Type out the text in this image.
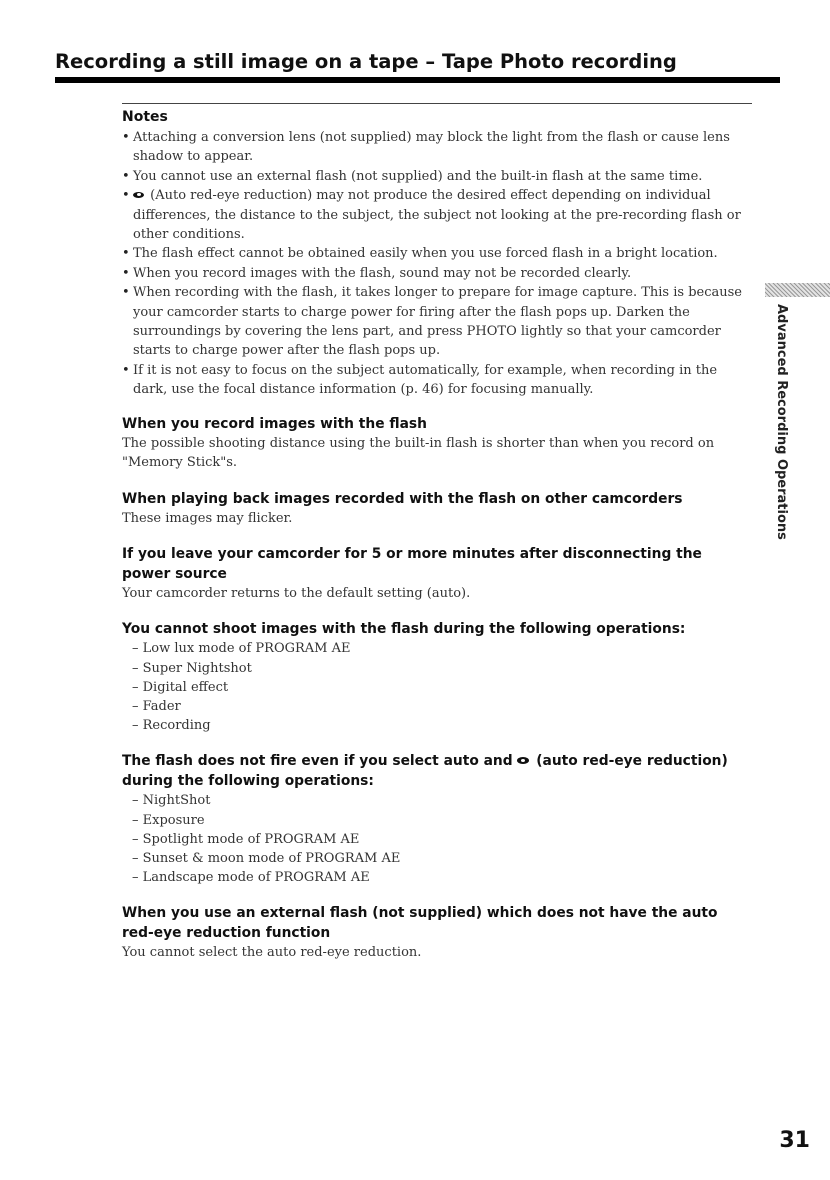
Recording a still image on a tape – Tape Photo recording
Advanced Recording Operations
Notes
• Attaching a conversion lens (not supplied) may block the light from the flash or cause lens shadow to appear.
• You cannot use an external flash (not supplied) and the built-in flash at the same time.
• (Auto red-eye reduction) may not produce the desired effect depending on individual differences, the distance to the subject, the subject not looking at the pre-recording flash or other conditions.
• The flash effect cannot be obtained easily when you use forced flash in a bright location.
• When you record images with the flash, sound may not be recorded clearly.
• When recording with the flash, it takes longer to prepare for image capture. This is because your camcorder starts to charge power for firing after the flash pops up. Darken the surroundings by covering the lens part, and press PHOTO lightly so that your camcorder starts to charge power after the flash pops up.
• If it is not easy to focus on the subject automatically, for example, when recording in the dark, use the focal distance information (p. 46) for focusing manually.
When you record images with the flash

The possible shooting distance using the built-in flash is shorter than when you record on "Memory Stick"s.

When playing back images recorded with the flash on other camcorders

These images may flicker.

If you leave your camcorder for 5 or more minutes after disconnecting the power source

Your camcorder returns to the default setting (auto).

You cannot shoot images with the flash during the following operations:
– Low lux mode of PROGRAM AE
– Super Nightshot
– Digital effect
– Fader
– Recording
The flash does not fire even if you select auto and (auto red-eye reduction) during the following operations:
– NightShot
– Exposure
– Spotlight mode of PROGRAM AE
– Sunset & moon mode of PROGRAM AE
– Landscape mode of PROGRAM AE
When you use an external flash (not supplied) which does not have the auto red-eye reduction function

You cannot select the auto red-eye reduction.

31
